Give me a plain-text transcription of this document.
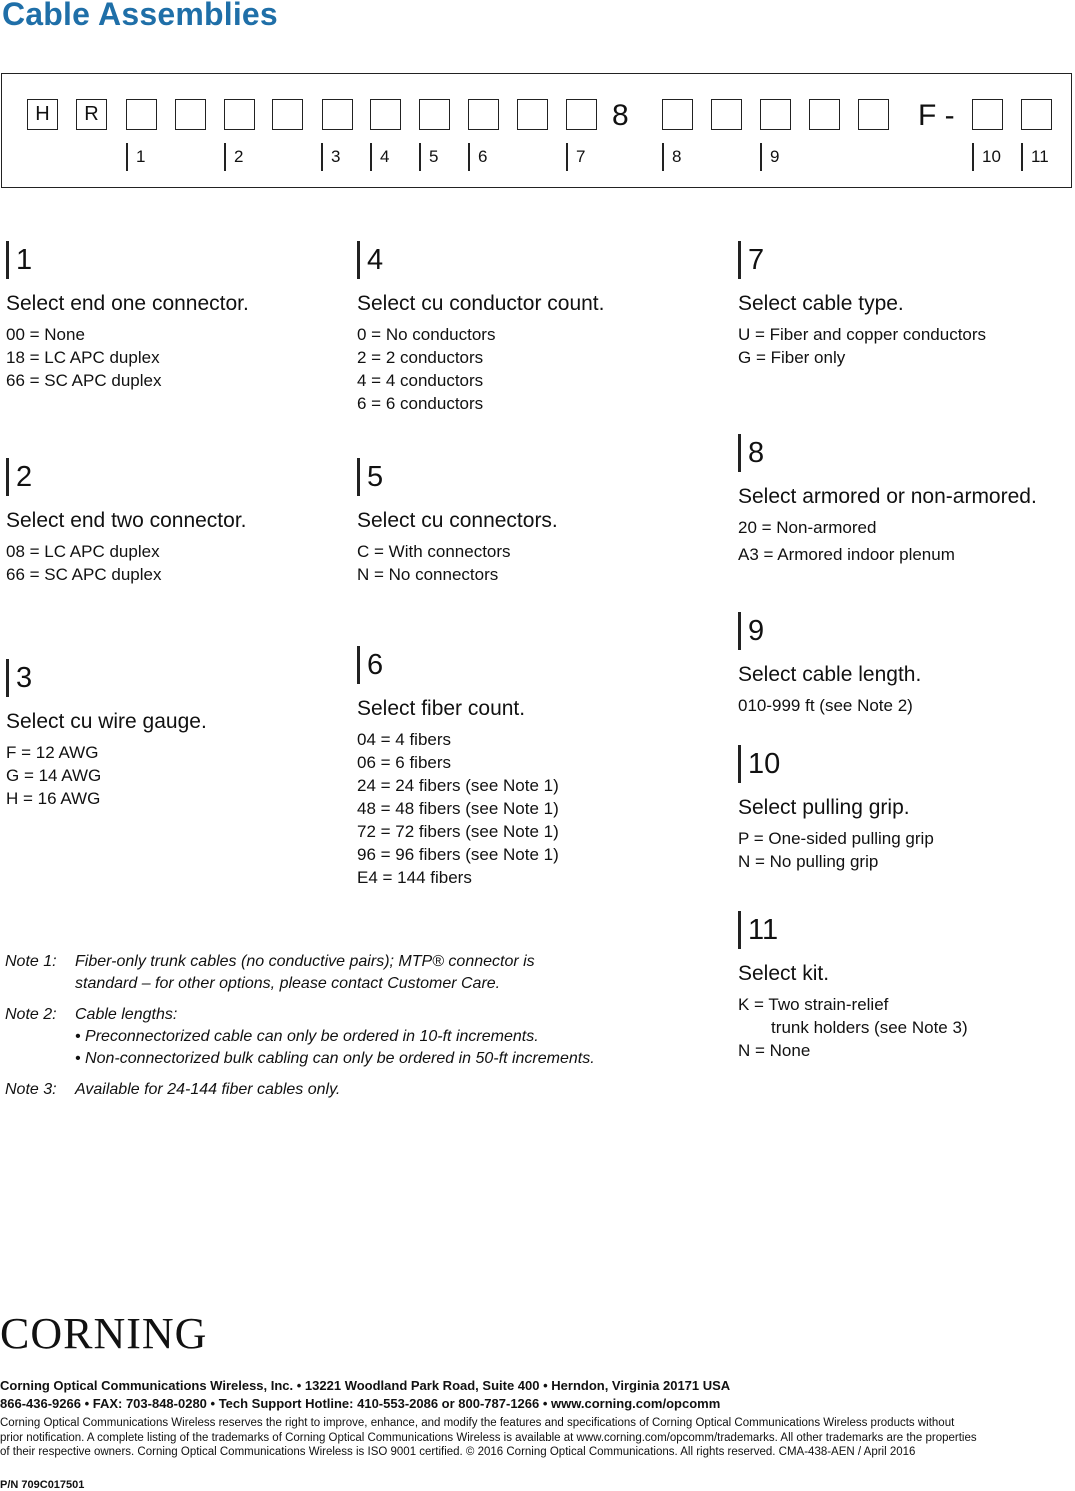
Cable Assemblies
H	R	8	F -
1	2	3	4	5	6	7	8	9	10	11
1
Select end one connector.
00 = None
18 = LC APC duplex
66 = SC APC duplex
2
Select end two connector.
08 = LC APC duplex
66 = SC APC duplex
3
Select cu wire gauge.
F = 12 AWG
G = 14 AWG
H = 16 AWG
4
Select cu conductor count.
0 = No conductors
2 = 2 conductors
4 = 4 conductors
6 = 6 conductors
5
Select cu connectors.
C = With connectors
N = No connectors
6
Select fiber count.
04 = 4 fibers
06 = 6 fibers
24 = 24 fibers (see Note 1)
48 = 48 fibers (see Note 1)
72 = 72 fibers (see Note 1)
96 = 96 fibers (see Note 1)
E4 = 144 fibers
7
Select cable type.
U = Fiber and copper conductors
G = Fiber only
8
Select armored or non-armored.
20 = Non-armored
A3 = Armored indoor plenum
9
Select cable length.
010-999 ft (see Note 2)
10
Select pulling grip.
P = One-sided pulling grip
N = No pulling grip
11
Select kit.
K = Two strain-relief
trunk holders (see Note 3)
N = None
Note 1:	Fiber-only trunk cables (no conductive pairs); MTP® connector is
standard – for other options, please contact Customer Care.
Note 2:	Cable lengths:
• Preconnectorized cable can only be ordered in 10-ft increments.
• Non-connectorized bulk cabling can only be ordered in 50-ft increments.
Note 3:	Available for 24-144 fiber cables only.
CORNING
Corning Optical Communications Wireless, Inc. • 13221 Woodland Park Road, Suite 400 • Herndon, Virginia 20171 USA
866-436-9266 • FAX: 703-848-0280 • Tech Support Hotline: 410-553-2086 or 800-787-1266 • www.corning.com/opcomm
Corning Optical Communications Wireless reserves the right to improve, enhance, and modify the features and specifications of Corning Optical Communications Wireless products without
prior notification. A complete listing of the trademarks of Corning Optical Communications Wireless is available at www.corning.com/opcomm/trademarks. All other trademarks are the properties
of their respective owners. Corning Optical Communications Wireless is ISO 9001 certified. © 2016 Corning Optical Communications. All rights reserved. CMA-438-AEN / April 2016
P/N 709C017501
